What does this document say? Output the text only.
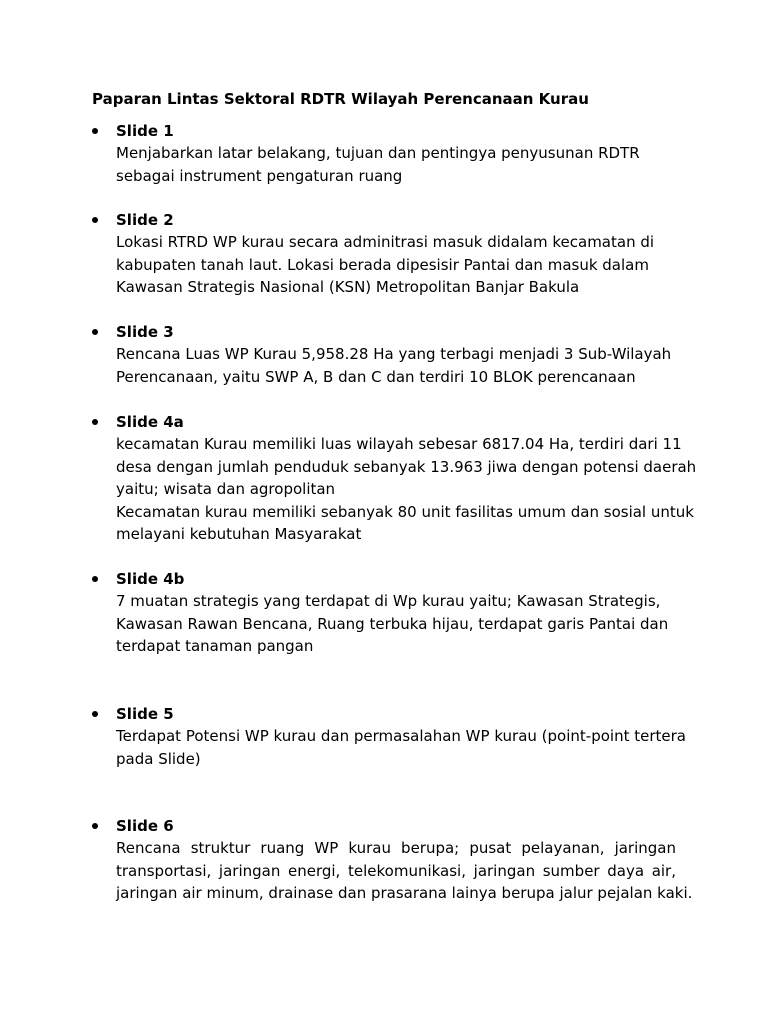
Paparan Lintas Sektoral RDTR Wilayah Perencanaan Kurau
Slide 1
Menjabarkan latar belakang, tujuan dan pentingya penyusunan RDTR
sebagai instrument pengaturan ruang
Slide 2
Lokasi RTRD WP kurau secara adminitrasi masuk didalam kecamatan di
kabupaten tanah laut. Lokasi berada dipesisir Pantai dan masuk dalam
Kawasan Strategis Nasional (KSN) Metropolitan Banjar Bakula
Slide 3
Rencana Luas WP Kurau 5,958.28 Ha yang terbagi menjadi 3 Sub-Wilayah
Perencanaan, yaitu SWP A, B dan C dan terdiri 10 BLOK perencanaan
Slide 4a
kecamatan Kurau memiliki luas wilayah sebesar 6817.04 Ha, terdiri dari 11
desa dengan jumlah penduduk sebanyak 13.963 jiwa dengan potensi daerah
yaitu; wisata dan agropolitan
Kecamatan kurau memiliki sebanyak 80 unit fasilitas umum dan sosial untuk
melayani kebutuhan Masyarakat
Slide 4b
7 muatan strategis yang terdapat di Wp kurau yaitu; Kawasan Strategis,
Kawasan Rawan Bencana, Ruang terbuka hijau, terdapat garis Pantai dan
terdapat tanaman pangan
Slide 5
Terdapat Potensi WP kurau dan permasalahan WP kurau (point-point tertera
pada Slide)
Slide 6
Rencana struktur ruang WP kurau berupa; pusat pelayanan, jaringan
transportasi, jaringan energi, telekomunikasi, jaringan sumber daya air,
jaringan air minum, drainase dan prasarana lainya berupa jalur pejalan kaki.
